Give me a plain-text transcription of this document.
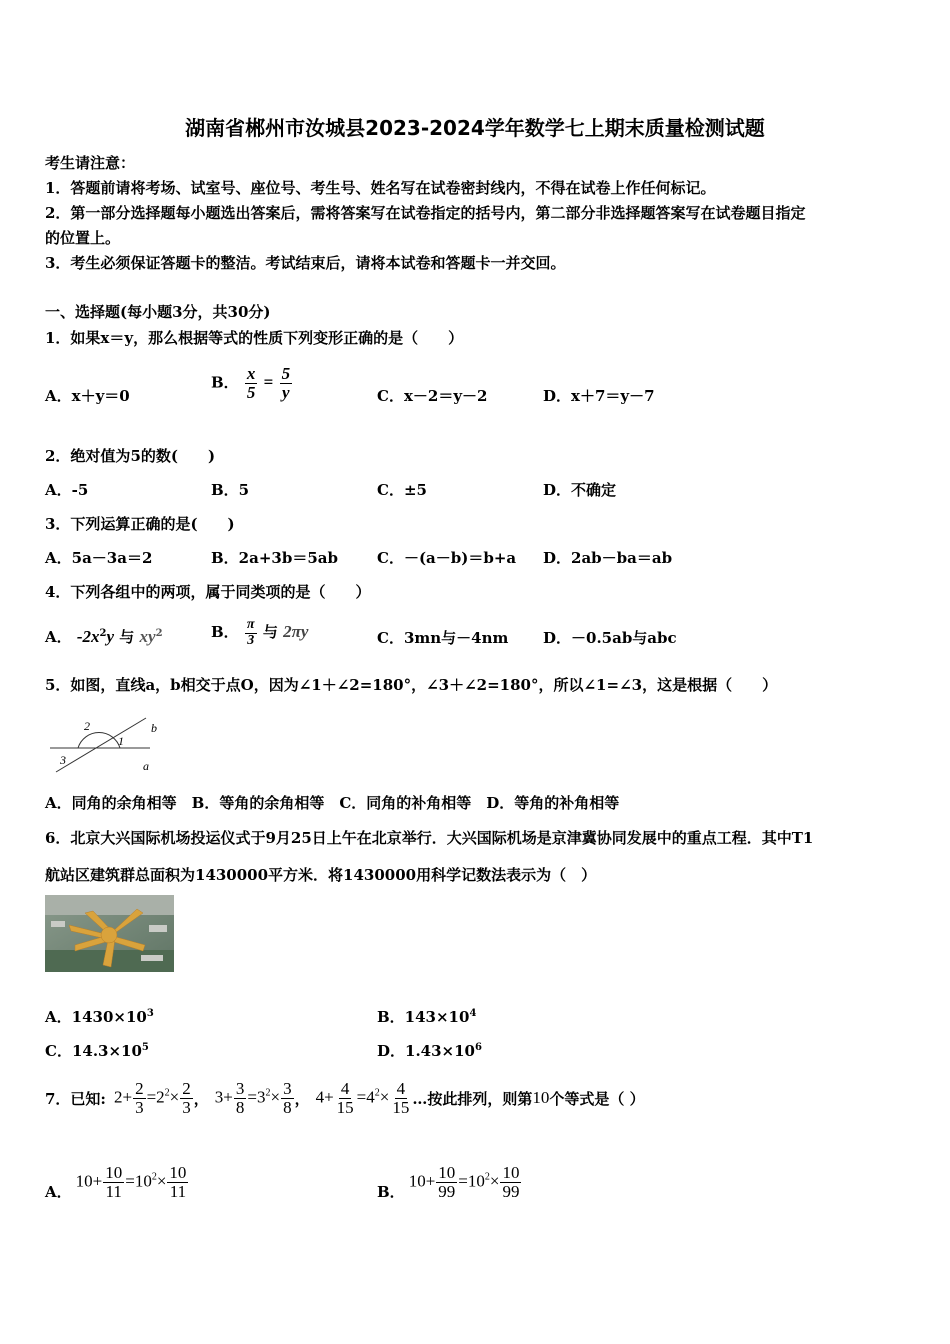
湖南省郴州市汝城县2023-2024学年数学七上期末质量检测试题
考生请注意：
1．答题前请将考场、试室号、座位号、考生号、姓名写在试卷密封线内，不得在试卷上作任何标记。
2．第一部分选择题每小题选出答案后，需将答案写在试卷指定的括号内，第二部分非选择题答案写在试卷题目指定
的位置上。
3．考生必须保证答题卡的整洁。考试结束后，请将本试卷和答题卡一并交回。
一、选择题(每小题3分，共30分)
1．如果x＝y，那么根据等式的性质下列变形正确的是（　　）
A．x＋y＝0
B． $\frac{x}{5} = \frac{5}{y}$	C．x－2＝y－2	D．x＋7＝y－7
2．绝对值为5的数(　　)
A．-5	B．5	C．±5	D．不确定
3．下列运算正确的是(　　)
A．5a－3a＝2	B．2a+3b＝5ab	C．－(a－b)＝b+a D．2ab－ba＝ab
4．下列各组中的两项，属于同类项的是（　　）
A． $-2x^2y$ 与 $xy^2$	B． $\frac{\pi}{3}$ 与 2πy	C．3mn与－4nm D．－0.5ab与abc
5．如图，直线a，b相交于点O，因为∠1＋∠2=180°，∠3＋∠2=180°，所以∠1=∠3，这是根据（　　）
2
1
3
b
a
A．同角的余角相等　B．等角的余角相等　C．同角的补角相等　D．等角的补角相等
6．北京大兴国际机场投运仪式于9月25日上午在北京举行．大兴国际机场是京津冀协同发展中的重点工程．其中T1
航站区建筑群总面积为1430000平方米．将1430000用科学记数法表示为（　）
A．$1430\times 10^3$	B．$143\times 10^4$
C．$14.3\times 10^5$	D．$1.43\times 10^6$
7．已知: $2+ \frac{2}{3} =2^2\times \frac{2}{3}$ ， $3+ \frac{3}{8} =3^2\times \frac{3}{8}$ ， $4+ \frac{4}{15} =4^2\times \frac{4}{15}$ …按此排列，则第 10 个等式是（ ）
A．
$10+ \frac{10}{11} =10^2\times \frac{10}{11}$	B．
$10+ \frac{10}{99} =10^2\times \frac{10}{99}$
